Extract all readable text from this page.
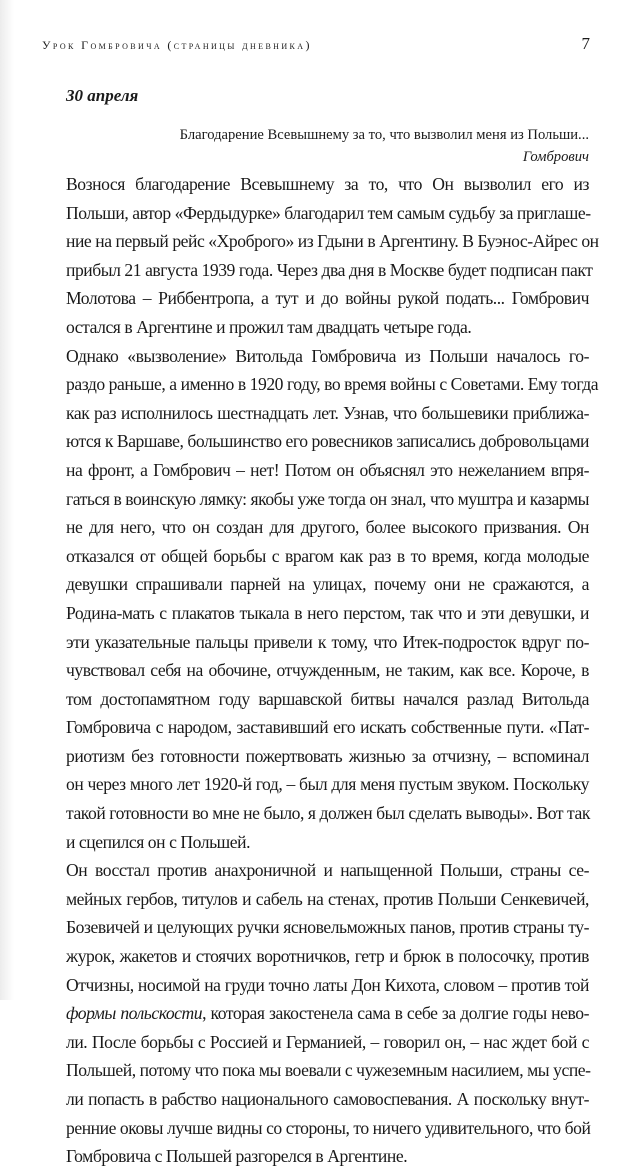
Урок Гомбровича (страницы дневника)	7
30 апреля
Благодарение Всевышнему за то, что вызволил меня из Польши...
Гомбрович
Вознося благодарение Всевышнему за то, что Он вызволил его из
Польши, автор «Фердыдурке» благодарил тем самым судьбу за приглаше-
ние на первый рейс «Хроброго» из Гдыни в Аргентину. В Буэнос-Айрес он
прибыл 21 августа 1939 года. Через два дня в Москве будет подписан пакт
Молотова – Риббентропа, а тут и до войны рукой подать... Гомбрович
остался в Аргентине и прожил там двадцать четыре года.
Однако «вызволение» Витольда Гомбровича из Польши началось го-
раздо раньше, а именно в 1920 году, во время войны с Советами. Ему тогда
как раз исполнилось шестнадцать лет. Узнав, что большевики приближа-
ются к Варшаве, большинство его ровесников записались добровольцами
на фронт, а Гомбрович – нет! Потом он объяснял это нежеланием впря-
гаться в воинскую лямку: якобы уже тогда он знал, что муштра и казармы
не для него, что он создан для другого, более высокого призвания. Он
отказался от общей борьбы с врагом как раз в то время, когда молодые
девушки спрашивали парней на улицах, почему они не сражаются, а
Родина-мать с плакатов тыкала в него перстом, так что и эти девушки, и
эти указательные пальцы привели к тому, что Итек-подросток вдруг по-
чувствовал себя на обочине, отчужденным, не таким, как все. Короче, в
том достопамятном году варшавской битвы начался разлад Витольда
Гомбровича с народом, заставивший его искать собственные пути. «Пат-
риотизм без готовности пожертвовать жизнью за отчизну, – вспоминал
он через много лет 1920-й год, – был для меня пустым звуком. Поскольку
такой готовности во мне не было, я должен был сделать выводы». Вот так
и сцепился он с Польшей.
Он восстал против анахроничной и напыщенной Польши, страны се-
мейных гербов, титулов и сабель на стенах, против Польши Сенкевичей,
Бозевичей и целующих ручки ясновельможных панов, против страны ту-
журок, жакетов и стоячих воротничков, гетр и брюк в полосочку, против
Отчизны, носимой на груди точно латы Дон Кихота, словом – против той
формы польскости, которая закостенела сама в себе за долгие годы нево-
ли. После борьбы с Россией и Германией, – говорил он, – нас ждет бой с
Польшей, потому что пока мы воевали с чужеземным насилием, мы успе-
ли попасть в рабство национального самовоспевания. А поскольку внут-
ренние оковы лучше видны со стороны, то ничего удивительного, что бой
Гомбровича с Польшей разгорелся в Аргентине.
